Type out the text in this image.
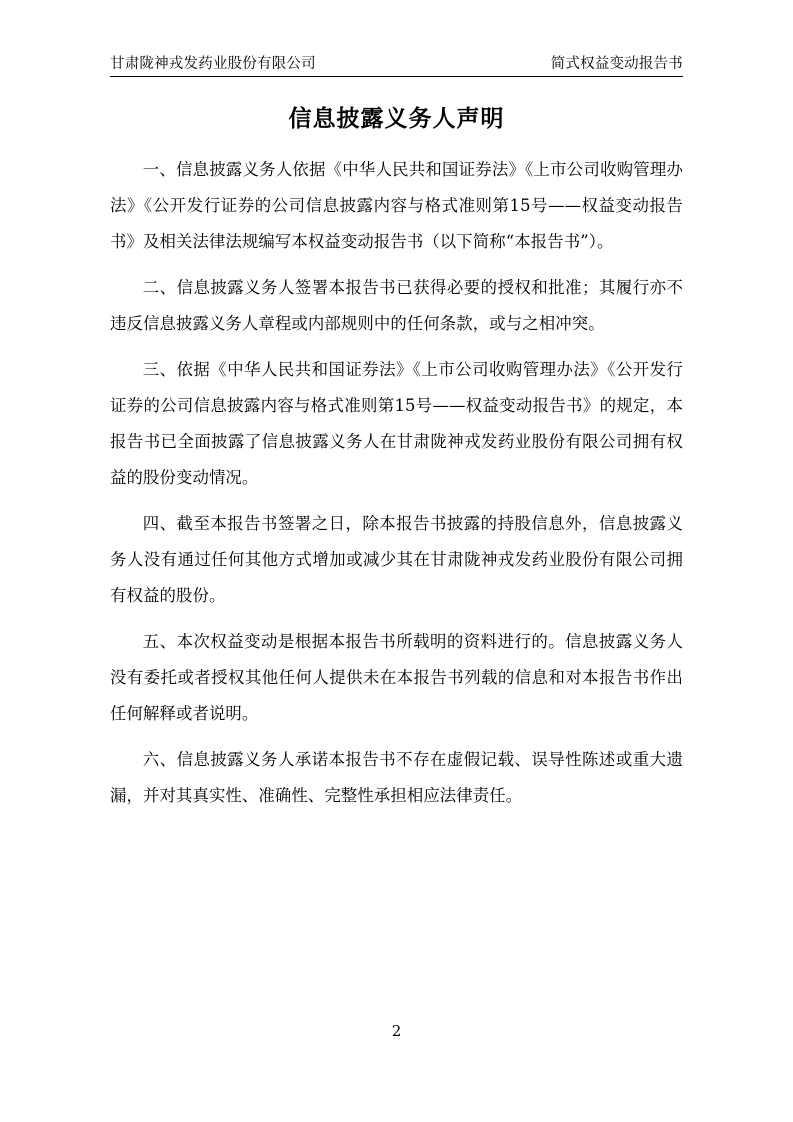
甘肃陇神戎发药业股份有限公司	简式权益变动报告书
信息披露义务人声明

一、信息披露义务人依据《中华人民共和国证券法》《上市公司收购管理办法》《公开发行证券的公司信息披露内容与格式准则第15号——权益变动报告书》及相关法律法规编写本权益变动报告书（以下简称“本报告书”）。

二、信息披露义务人签署本报告书已获得必要的授权和批准；其履行亦不违反信息披露义务人章程或内部规则中的任何条款，或与之相冲突。

三、依据《中华人民共和国证券法》《上市公司收购管理办法》《公开发行证券的公司信息披露内容与格式准则第15号——权益变动报告书》的规定，本报告书已全面披露了信息披露义务人在甘肃陇神戎发药业股份有限公司拥有权益的股份变动情况。

四、截至本报告书签署之日，除本报告书披露的持股信息外，信息披露义务人没有通过任何其他方式增加或减少其在甘肃陇神戎发药业股份有限公司拥有权益的股份。

五、本次权益变动是根据本报告书所载明的资料进行的。信息披露义务人没有委托或者授权其他任何人提供未在本报告书列载的信息和对本报告书作出任何解释或者说明。

六、信息披露义务人承诺本报告书不存在虚假记载、误导性陈述或重大遗漏，并对其真实性、准确性、完整性承担相应法律责任。

2
